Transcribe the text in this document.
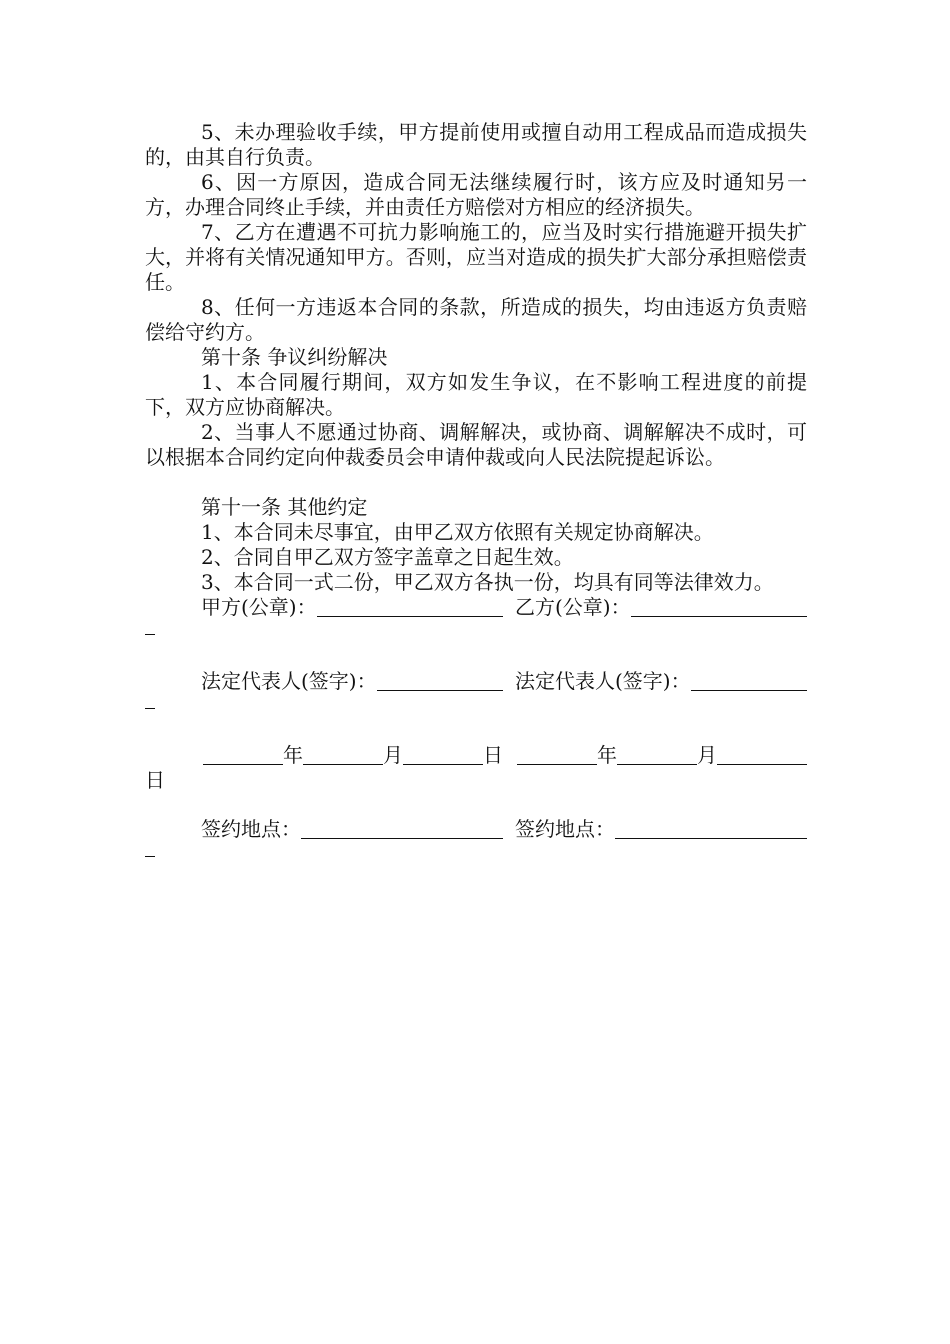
5、未办理验收手续，甲方提前使用或擅自动用工程成品而造成损失的，由其自行负责。

6、因一方原因，造成合同无法继续履行时，该方应及时通知另一方，办理合同终止手续，并由责任方赔偿对方相应的经济损失。

7、乙方在遭遇不可抗力影响施工的，应当及时实行措施避开损失扩大，并将有关情况通知甲方。否则，应当对造成的损失扩大部分承担赔偿责任。

8、任何一方违返本合同的条款，所造成的损失，均由违返方负责赔偿给守约方。

第十条 争议纠纷解决

1、本合同履行期间，双方如发生争议，在不影响工程进度的前提下，双方应协商解决。

2、当事人不愿通过协商、调解解决，或协商、调解解决不成时，可以根据本合同约定向仲裁委员会申请仲裁或向人民法院提起诉讼。

第十一条 其他约定

1、本合同未尽事宜，由甲乙双方依照有关规定协商解决。

2、合同自甲乙双方签字盖章之日起生效。

3、本合同一式二份，甲乙双方各执一份，均具有同等法律效力。

甲方(公章)：	乙方(公章)：
法定代表人(签字)：	法定代表人(签字)：
年	月	日	年	月
日
签约地点：	签约地点：
